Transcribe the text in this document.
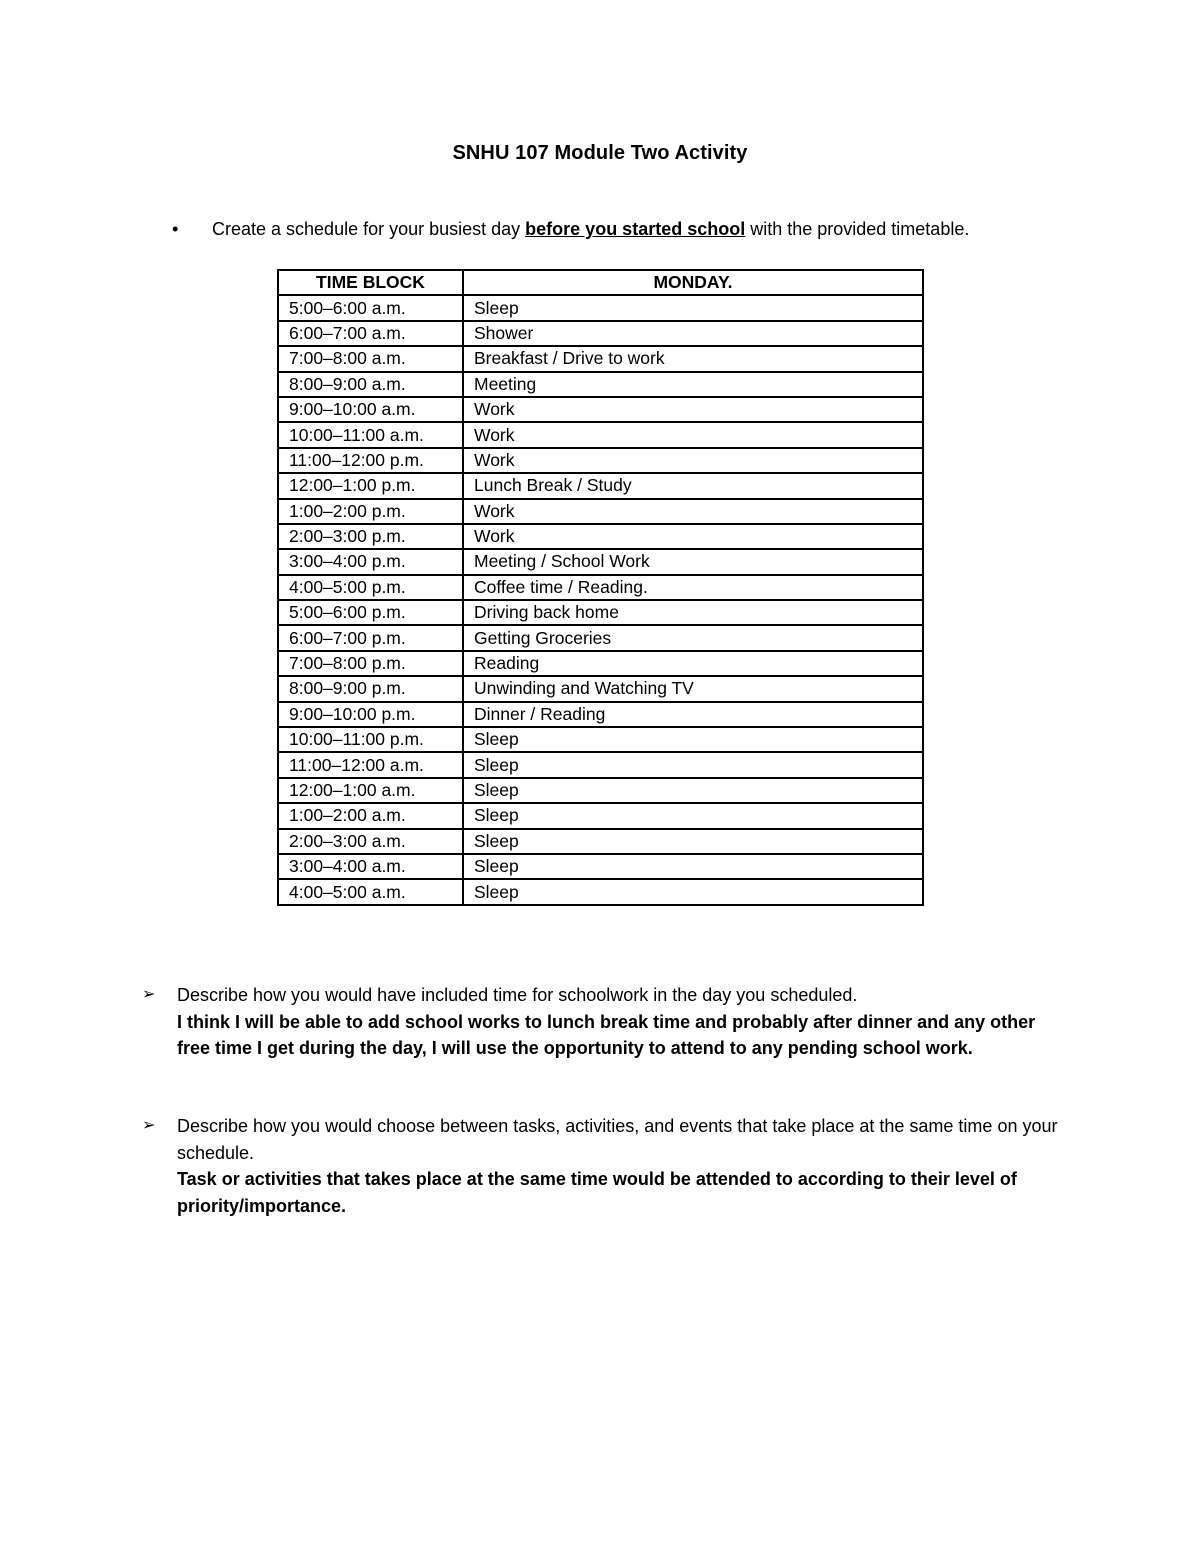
SNHU 107 Module Two Activity
•	Create a schedule for your busiest day before you started school with the provided timetable.
TIME BLOCK	MONDAY.
5:00–6:00 a.m.	Sleep
6:00–7:00 a.m.	Shower
7:00–8:00 a.m.	Breakfast / Drive to work
8:00–9:00 a.m.	Meeting
9:00–10:00 a.m.	Work
10:00–11:00 a.m.	Work
11:00–12:00 p.m.	Work
12:00–1:00 p.m.	Lunch Break / Study
1:00–2:00 p.m.	Work
2:00–3:00 p.m.	Work
3:00–4:00 p.m.	Meeting / School Work
4:00–5:00 p.m.	Coffee time / Reading.
5:00–6:00 p.m.	Driving back home
6:00–7:00 p.m.	Getting Groceries
7:00–8:00 p.m.	Reading
8:00–9:00 p.m.	Unwinding and Watching TV
9:00–10:00 p.m.	Dinner / Reading
10:00–11:00 p.m.	Sleep
11:00–12:00 a.m.	Sleep
12:00–1:00 a.m.	Sleep
1:00–2:00 a.m.	Sleep
2:00–3:00 a.m.	Sleep
3:00–4:00 a.m.	Sleep
4:00–5:00 a.m.	Sleep
➢	Describe how you would have included time for schoolwork in the day you scheduled.
I think I will be able to add school works to lunch break time and probably after dinner and any other free time I get during the day, I will use the opportunity to attend to any pending school work.
➢	Describe how you would choose between tasks, activities, and events that take place at the same time on your schedule.
Task or activities that takes place at the same time would be attended to according to their level of priority/importance.
